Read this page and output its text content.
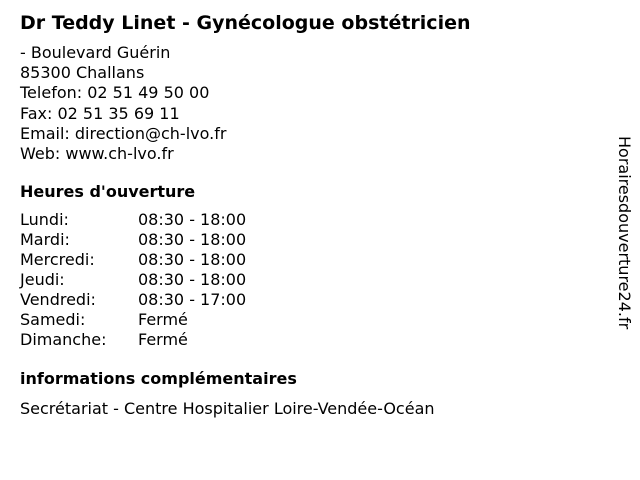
Dr Teddy Linet - Gynécologue obstétricien
- Boulevard Guérin
85300 Challans
Telefon: 02 51 49 50 00
Fax: 02 51 35 69 11
Email: direction@ch-lvo.fr
Web: www.ch-lvo.fr
Heures d'ouverture
Lundi:	08:30 - 18:00
Mardi:	08:30 - 18:00
Mercredi:	08:30 - 18:00
Jeudi:	08:30 - 18:00
Vendredi:	08:30 - 17:00
Samedi:	Fermé
Dimanche:	Fermé
informations complémentaires
Secrétariat - Centre Hospitalier Loire-Vendée-Océan
Horairesdouverture24.fr
